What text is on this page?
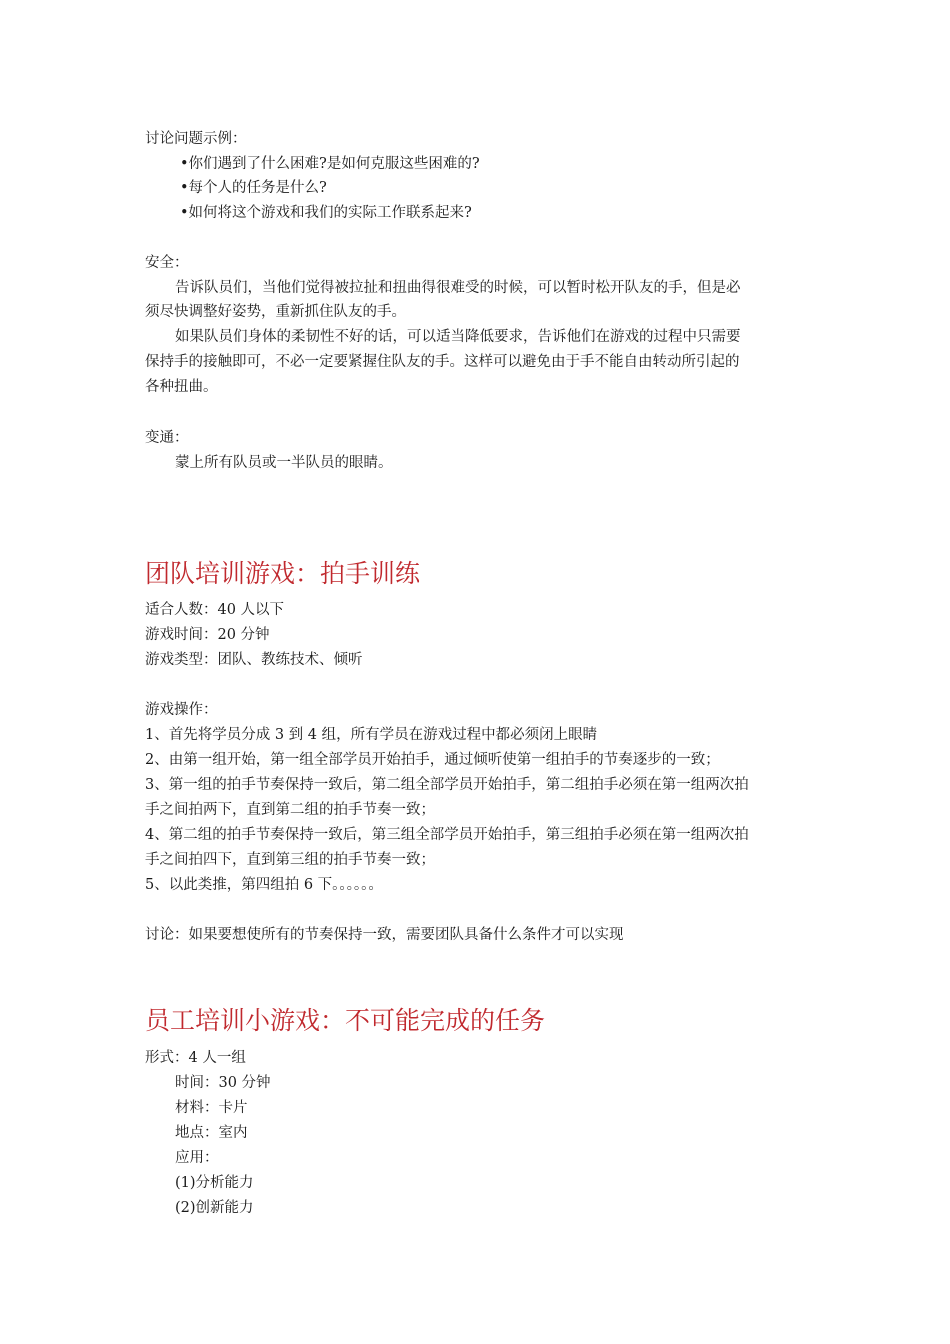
讨论问题示例：
•你们遇到了什么困难?是如何克服这些困难的?
•每个人的任务是什么?
•如何将这个游戏和我们的实际工作联系起来?
安全：
告诉队员们，当他们觉得被拉扯和扭曲得很难受的时候，可以暂时松开队友的手，但是必
须尽快调整好姿势，重新抓住队友的手。
如果队员们身体的柔韧性不好的话，可以适当降低要求，告诉他们在游戏的过程中只需要
保持手的接触即可，不必一定要紧握住队友的手。这样可以避免由于手不能自由转动所引起的
各种扭曲。
变通：
蒙上所有队员或一半队员的眼睛。
团队培训游戏：拍手训练
适合人数：40 人以下
游戏时间：20 分钟
游戏类型：团队、教练技术、倾听
游戏操作：
1、首先将学员分成 3 到 4 组，所有学员在游戏过程中都必须闭上眼睛
2、由第一组开始，第一组全部学员开始拍手，通过倾听使第一组拍手的节奏逐步的一致；
3、第一组的拍手节奏保持一致后，第二组全部学员开始拍手，第二组拍手必须在第一组两次拍
手之间拍两下，直到第二组的拍手节奏一致；
4、第二组的拍手节奏保持一致后，第三组全部学员开始拍手，第三组拍手必须在第一组两次拍
手之间拍四下，直到第三组的拍手节奏一致；
5、以此类推，第四组拍 6 下。。。。。。
讨论：如果要想使所有的节奏保持一致，需要团队具备什么条件才可以实现
员工培训小游戏：不可能完成的任务
形式：4 人一组
时间：30 分钟
材料：卡片
地点：室内
应用：
(1)分析能力
(2)创新能力
